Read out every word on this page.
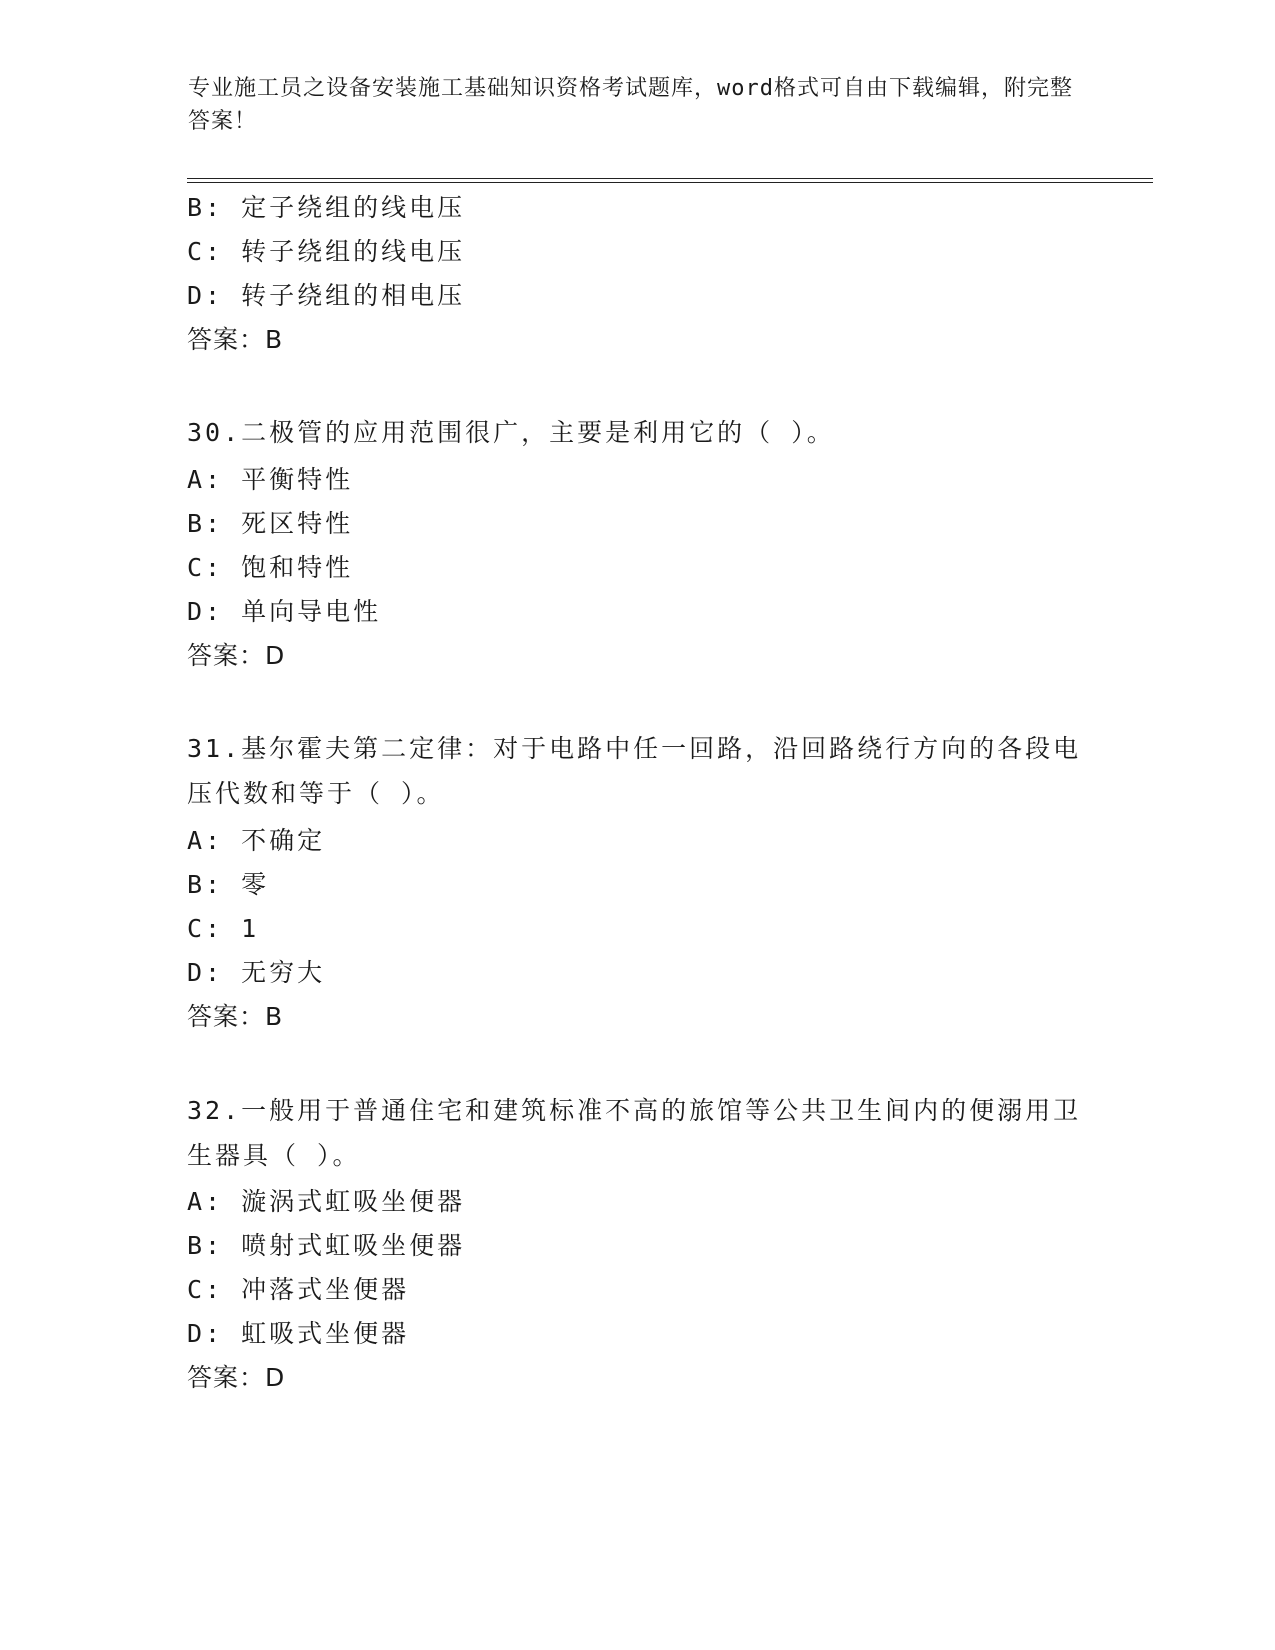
专业施工员之设备安装施工基础知识资格考试题库，word格式可自由下载编辑，附完整答案！
B: 定子绕组的线电压
C: 转子绕组的线电压
D: 转子绕组的相电压
答案：B
30.二极管的应用范围很广，主要是利用它的（ ）。
A: 平衡特性
B: 死区特性
C: 饱和特性
D: 单向导电性
答案：D
31.基尔霍夫第二定律：对于电路中任一回路，沿回路绕行方向的各段电压代数和等于（ ）。
A: 不确定
B: 零
C: 1
D: 无穷大
答案：B
32.一般用于普通住宅和建筑标准不高的旅馆等公共卫生间内的便溺用卫生器具（ ）。
A: 漩涡式虹吸坐便器
B: 喷射式虹吸坐便器
C: 冲落式坐便器
D: 虹吸式坐便器
答案：D
